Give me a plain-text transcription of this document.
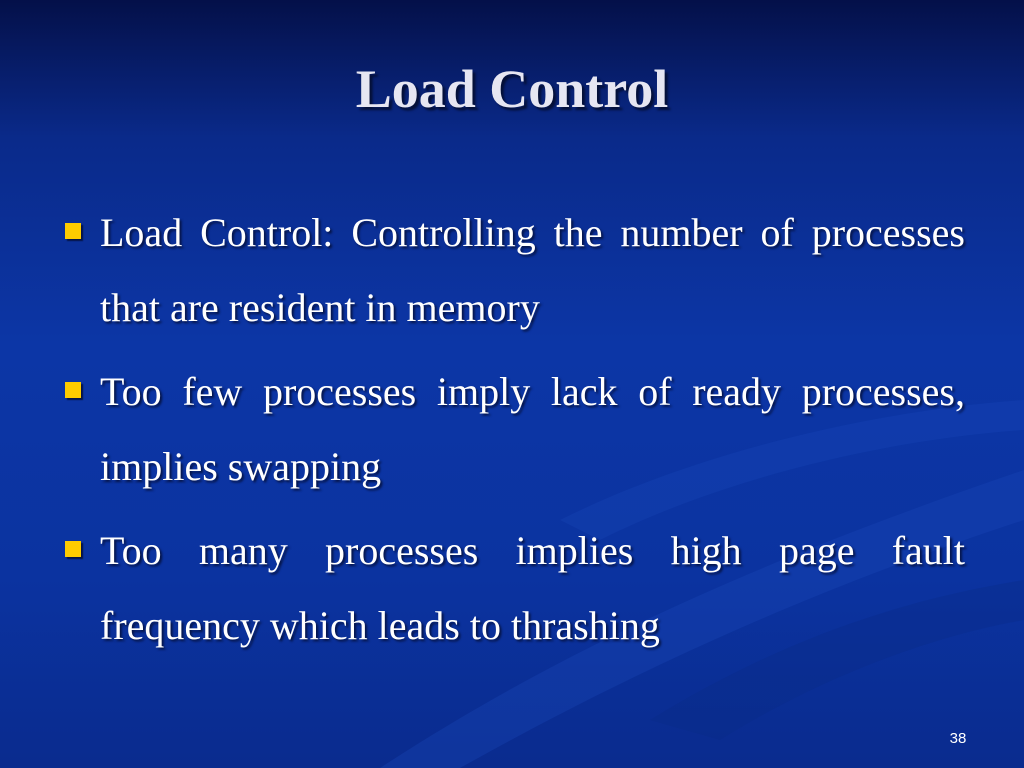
Load Control
Load Control: Controlling the number of processes that are resident in memory
Too few processes imply lack of ready processes, implies swapping
Too many processes implies high page fault frequency which leads to thrashing
38
